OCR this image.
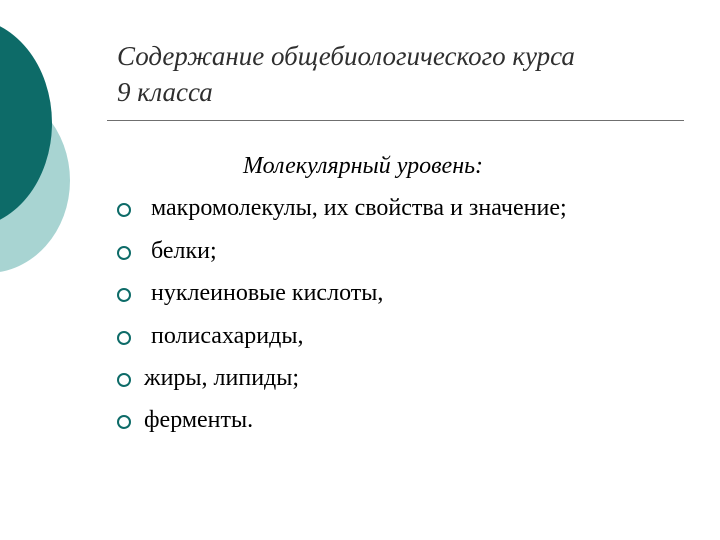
Содержание общебиологического курса
9 класса
Молекулярный уровень:
макромолекулы, их свойства и значение;
белки;
нуклеиновые кислоты,
полисахариды,
жиры, липиды;
ферменты.
